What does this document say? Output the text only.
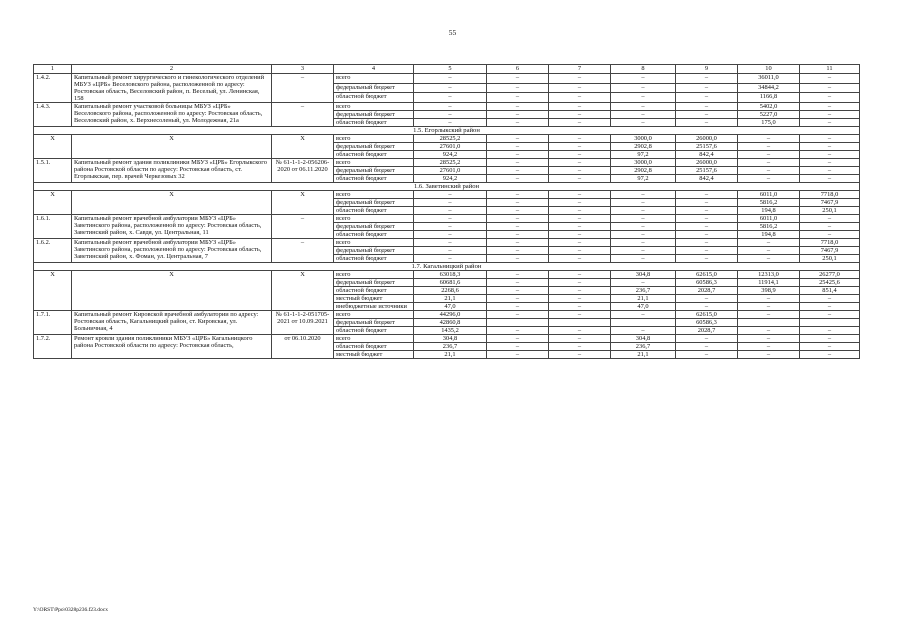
55
1	2	3	4	5	6	7	8	9	10	11
1.4.2.	Капитальный ремонт хирургического и гинекологического отделений МБУЗ «ЦРБ» Веселовского района, расположенной по адресу: Ростовская область, Веселовский район, п. Веселый, ул. Ленинская, 158	–	всего	–	–	–	–	–	36011,0	–
			федеральный бюджет	–	–	–	–	–	34844,2	–
			областной бюджет	–	–	–	–	–	1166,8	–
1.4.3.	Капитальный ремонт участковой больницы МБУЗ «ЦРБ» Веселовского района, расположенной по адресу: Ростовская область, Веселовский район, х. Верхнесоленый, ул. Молодежная, 21а	–	всего	–	–	–	–	–	5402,0	–
			федеральный бюджет	–	–	–	–	–	5227,0	–
			областной бюджет	–	–	–	–	–	175,0	–
1.5. Егорлыкский район										
Х	Х	Х	всего	28525,2	–	–	3000,0	26000,0	–	–
			федеральный бюджет	27601,0	–	–	2902,8	25157,6	–	–
			областной бюджет	924,2	–	–	97,2	842,4	–	–
1.5.1.	Капитальный ремонт здания поликлиники МБУЗ «ЦРБ» Егорлыкского района Ростовской области по адресу: Ростовская область, ст. Егорлыкская, пер. врачей Черкезовых 32	№ 61-1-1-2-056206-2020 от 06.11.2020	всего	28525,2	–	–	3000,0	26000,0	–	–
			федеральный бюджет	27601,0	–	–	2902,8	25157,6	–	–
			областной бюджет	924,2	–	–	97,2	842,4	–	–
1.6. Заветинский район										
Х	Х	Х	всего	–	–	–	–	–	6011,0	7718,0
			федеральный бюджет	–	–	–	–	–	5816,2	7467,9
			областной бюджет	–	–	–	–	–	194,8	250,1
1.6.1.	Капитальный ремонт врачебной амбулатории МБУЗ «ЦРБ» Заветинского района, расположенной по адресу: Ростовская область, Заветинский район, х. Савдя, ул. Центральная, 11	–	всего	–	–	–	–	–	6011,0	–
			федеральный бюджет	–	–	–	–	–	5816,2	–
			областной бюджет	–	–	–	–	–	194,8	–
1.6.2.	Капитальный ремонт врачебной амбулатории МБУЗ «ЦРБ» Заветинского района, расположенной по адресу: Ростовская область, Заветинский район, х. Фоман, ул. Центральная, 7	–	всего	–	–	–	–	–	–	7718,0
			федеральный бюджет	–	–	–	–	–	–	7467,9
			областной бюджет	–	–	–	–	–	–	250,1
1.7. Кагальницкий район										
Х	Х	Х	всего	63018,3	–	–	304,8	62615,0	12313,0	26277,0
			федеральный бюджет	60681,6	–	–	–	60586,3	11914,1	25425,6
			областной бюджет	2268,6	–	–	236,7	2028,7	398,9	851,4
			местный бюджет	21,1	–	–	21,1	–	–	–
			внебюджетные источники	47,0	–	–	47,0	–	–	–
1.7.1.	Капитальный ремонт Кировской врачебной амбулатории по адресу: Ростовская область, Кагальницкий район, ст. Кировская, ул. Больничная, 4	№ 61-1-1-2-051705-2021 от 10.09.2021	всего	44296,0	–	–	–	62615,0	–	–
			федеральный бюджет	42860,8				60586,3		
			областной бюджет	1435,2	–	–	–	2028,7	–	–
1.7.2.	Ремонт кровли здания поликлиники МБУЗ «ЦРБ» Кагальницкого района Ростовской области по адресу: Ростовская область,	от 06.10.2020	всего	304,8	–	–	304,8	–	–	–
			областной бюджет	236,7	–	–	236,7	–	–	–
			местный бюджет	21,1	–	–	21,1	–	–	–
Y:\ORST\Ppo\0328p236.f23.docx
